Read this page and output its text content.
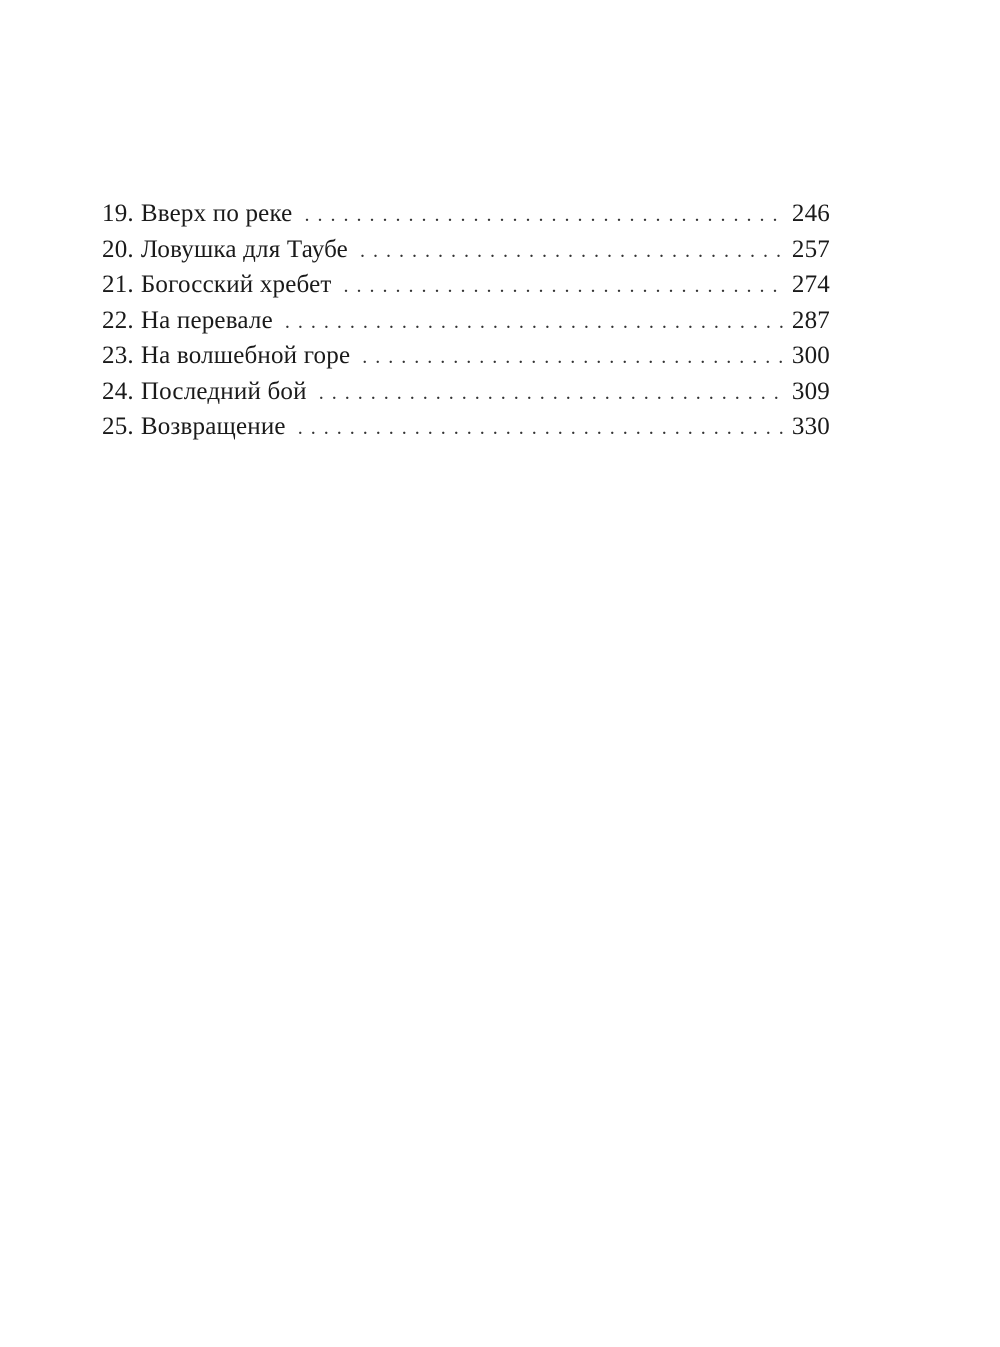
19. Вверх по реке . . .	246
20. Ловушка для Таубе . . .	257
21. Богосский хребет . . .	274
22. На перевале . . .	287
23. На волшебной горе . . .	300
24. Последний бой . . .	309
25. Возвращение . . .	330
